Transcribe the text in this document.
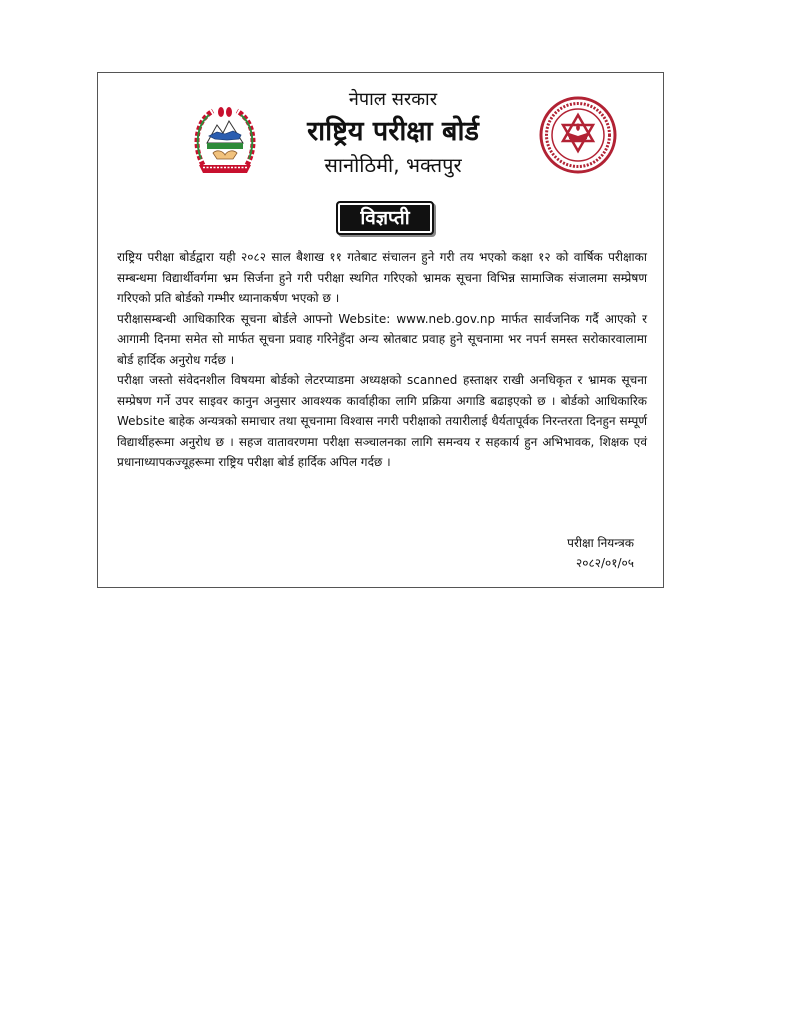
नेपाल सरकार
राष्ट्रिय परीक्षा बोर्ड
सानोठिमी, भक्तपुर
विज्ञप्ती

राष्ट्रिय परीक्षा बोर्डद्वारा यही २०८२ साल बैशाख ११ गतेबाट संचालन हुने गरी तय भएको कक्षा १२ को वार्षिक परीक्षाका सम्बन्धमा विद्यार्थीवर्गमा भ्रम सिर्जना हुने गरी परीक्षा स्थगित गरिएको भ्रामक सूचना विभिन्न सामाजिक संजालमा सम्प्रेषण गरिएको प्रति बोर्डको गम्भीर ध्यानाकर्षण भएको छ ।

परीक्षासम्बन्धी आधिकारिक सूचना बोर्डले आफ्नो Website: www.neb.gov.np मार्फत सार्वजनिक गर्दै आएको र आगामी दिनमा समेत सो मार्फत सूचना प्रवाह गरिनेहुँदा अन्य स्रोतबाट प्रवाह हुने सूचनामा भर नपर्न समस्त सरोकारवालामा बोर्ड हार्दिक अनुरोध गर्दछ ।

परीक्षा जस्तो संवेदनशील विषयमा बोर्डको लेटरप्याडमा अध्यक्षको scanned हस्ताक्षर राखी अनधिकृत र भ्रामक सूचना सम्प्रेषण गर्ने उपर साइवर कानुन अनुसार आवश्यक कार्वाहीका लागि प्रक्रिया अगाडि बढाइएको छ । बोर्डको आधिकारिक Website बाहेक अन्यत्रको समाचार तथा सूचनामा विश्वास नगरी परीक्षाको तयारीलाई धैर्यतापूर्वक निरन्तरता दिनहुन सम्पूर्ण विद्यार्थीहरूमा अनुरोध छ । सहज वातावरणमा परीक्षा सञ्चालनका लागि समन्वय र सहकार्य हुन अभिभावक, शिक्षक एवं प्रधानाध्यापकज्यूहरूमा राष्ट्रिय परीक्षा बोर्ड हार्दिक अपिल गर्दछ ।

परीक्षा नियन्त्रक
२०८२/०१/०५
